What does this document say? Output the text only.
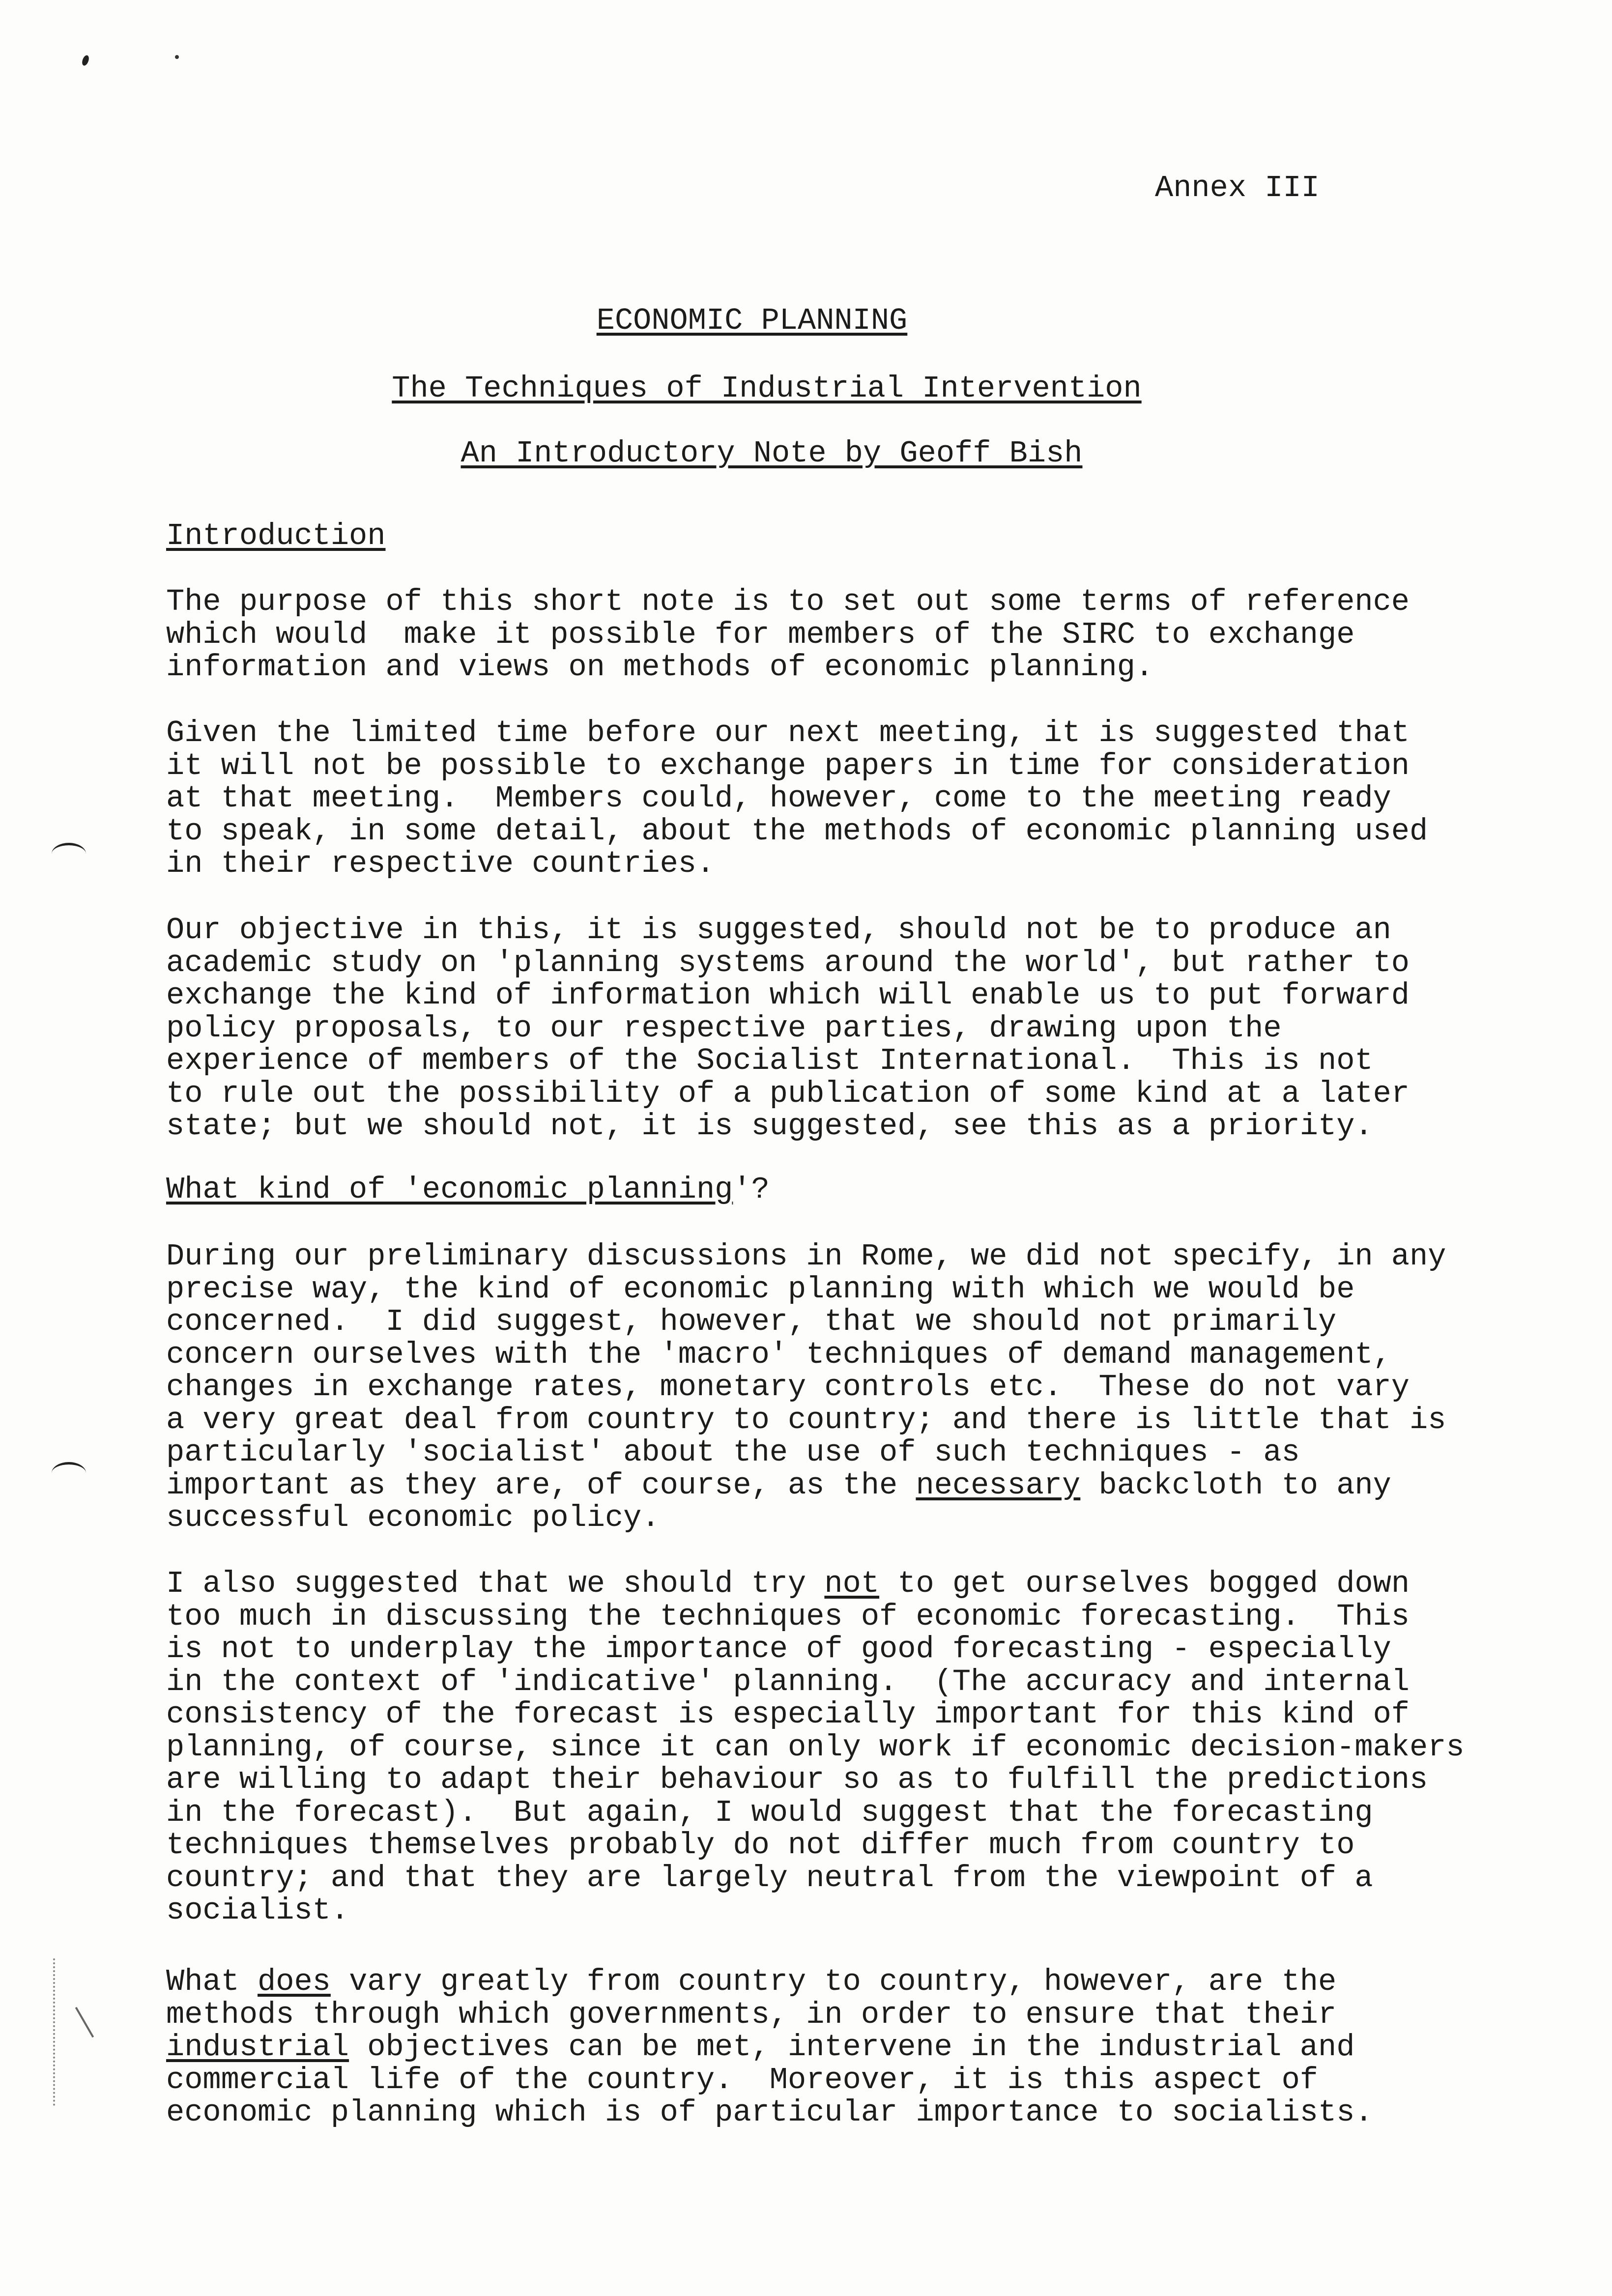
Annex III
ECONOMIC PLANNING
The Techniques of Industrial Intervention
An Introductory Note by Geoff Bish
Introduction
The purpose of this short note is to set out some terms of reference
which would  make it possible for members of the SIRC to exchange
information and views on methods of economic planning.
Given the limited time before our next meeting, it is suggested that
it will not be possible to exchange papers in time for consideration
at that meeting.  Members could, however, come to the meeting ready
to speak, in some detail, about the methods of economic planning used
in their respective countries.
Our objective in this, it is suggested, should not be to produce an
academic study on 'planning systems around the world', but rather to
exchange the kind of information which will enable us to put forward
policy proposals, to our respective parties, drawing upon the
experience of members of the Socialist International.  This is not
to rule out the possibility of a publication of some kind at a later
state; but we should not, it is suggested, see this as a priority.
What kind of 'economic planning'?
During our preliminary discussions in Rome, we did not specify, in any
precise way, the kind of economic planning with which we would be
concerned.  I did suggest, however, that we should not primarily
concern ourselves with the 'macro' techniques of demand management,
changes in exchange rates, monetary controls etc.  These do not vary
a very great deal from country to country; and there is little that is
particularly 'socialist' about the use of such techniques - as
important as they are, of course, as the necessary backcloth to any
successful economic policy.
I also suggested that we should try not to get ourselves bogged down
too much in discussing the techniques of economic forecasting.  This
is not to underplay the importance of good forecasting - especially
in the context of 'indicative' planning.  (The accuracy and internal
consistency of the forecast is especially important for this kind of
planning, of course, since it can only work if economic decision-makers
are willing to adapt their behaviour so as to fulfill the predictions
in the forecast).  But again, I would suggest that the forecasting
techniques themselves probably do not differ much from country to
country; and that they are largely neutral from the viewpoint of a
socialist.
What does vary greatly from country to country, however, are the
methods through which governments, in order to ensure that their
industrial objectives can be met, intervene in the industrial and
commercial life of the country.  Moreover, it is this aspect of
economic planning which is of particular importance to socialists.
